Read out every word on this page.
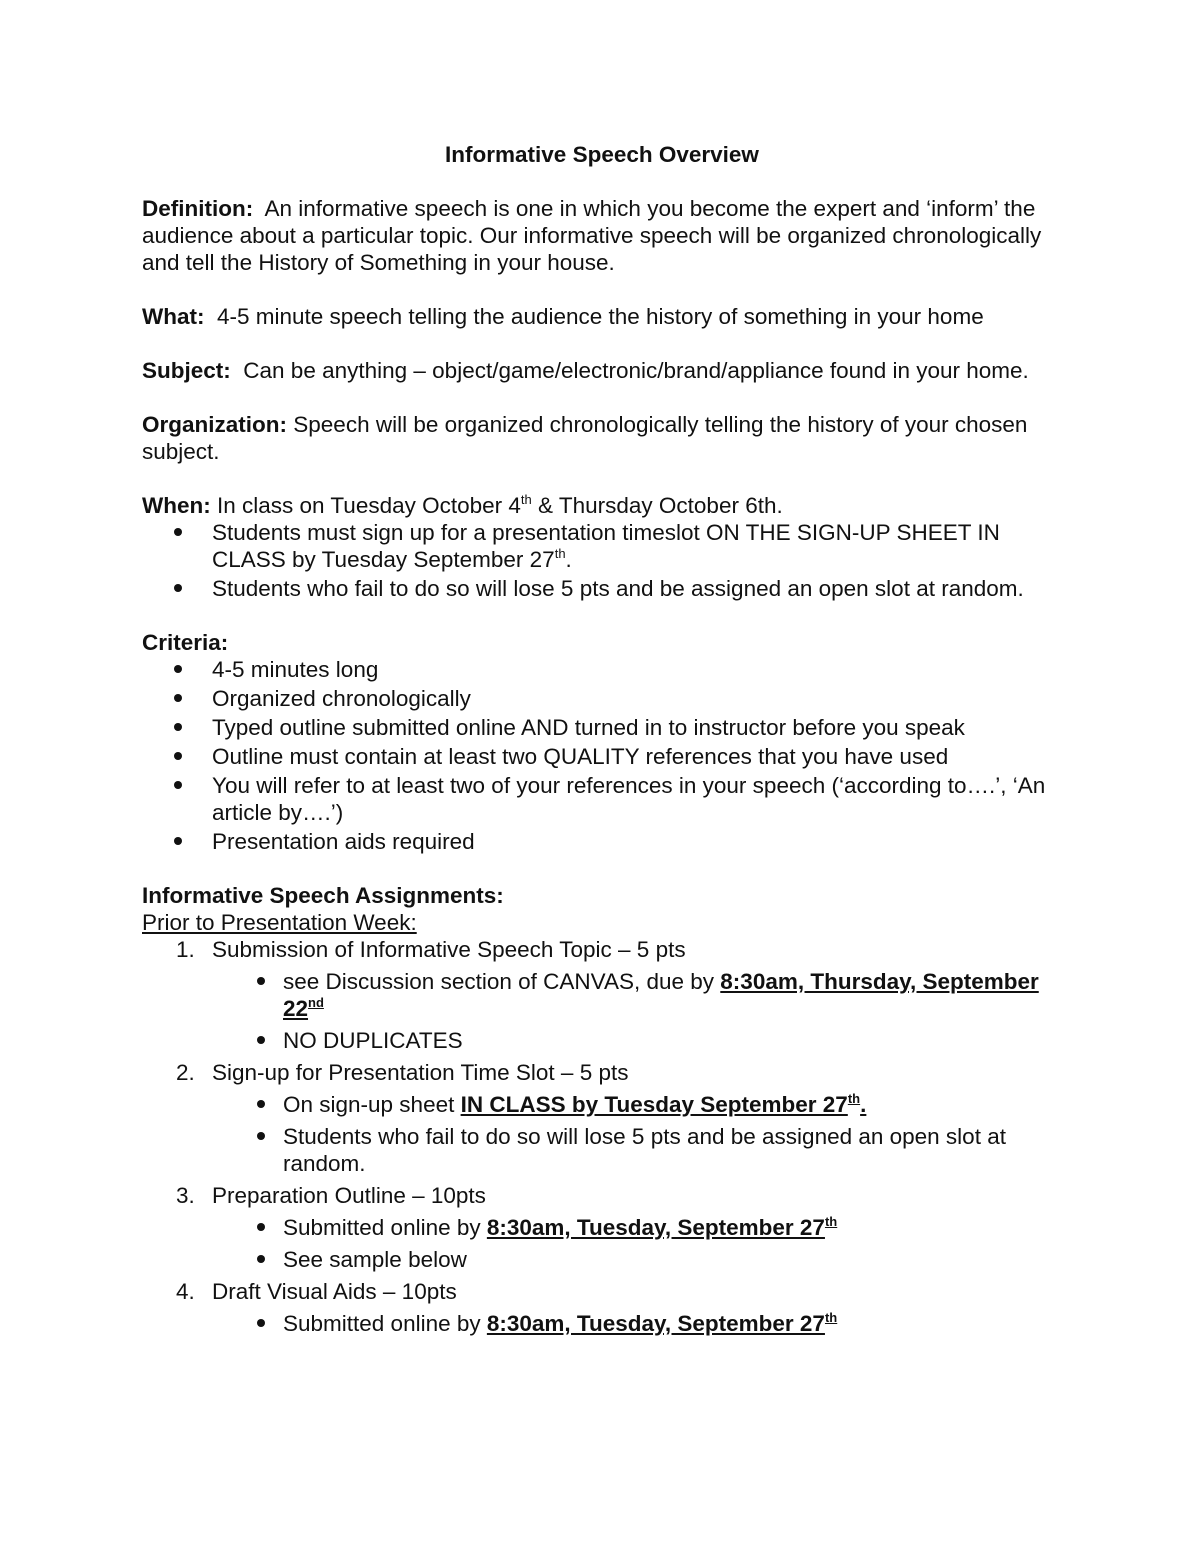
Informative Speech Overview

Definition: An informative speech is one in which you become the expert and ‘inform’ the audience about a particular topic. Our informative speech will be organized chronologically and tell the History of Something in your house.

What: 4-5 minute speech telling the audience the history of something in your home

Subject: Can be anything – object/game/electronic/brand/appliance found in your home.

Organization: Speech will be organized chronologically telling the history of your chosen subject.

When: In class on Tuesday October 4th & Thursday October 6th.

Students must sign up for a presentation timeslot ON THE SIGN-UP SHEET IN CLASS by Tuesday September 27th.
Students who fail to do so will lose 5 pts and be assigned an open slot at random.

Criteria:

4-5 minutes long
Organized chronologically
Typed outline submitted online AND turned in to instructor before you speak
Outline must contain at least two QUALITY references that you have used
You will refer to at least two of your references in your speech (‘according to….’, ‘An article by….’)
Presentation aids required

Informative Speech Assignments:

Prior to Presentation Week:

1. Submission of Informative Speech Topic – 5 pts
see Discussion section of CANVAS, due by 8:30am, Thursday, September 22nd
NO DUPLICATES
2. Sign-up for Presentation Time Slot – 5 pts
On sign-up sheet IN CLASS by Tuesday September 27th.
Students who fail to do so will lose 5 pts and be assigned an open slot at random.
3. Preparation Outline – 10pts
Submitted online by 8:30am, Tuesday, September 27th
See sample below
4. Draft Visual Aids – 10pts
Submitted online by 8:30am, Tuesday, September 27th
